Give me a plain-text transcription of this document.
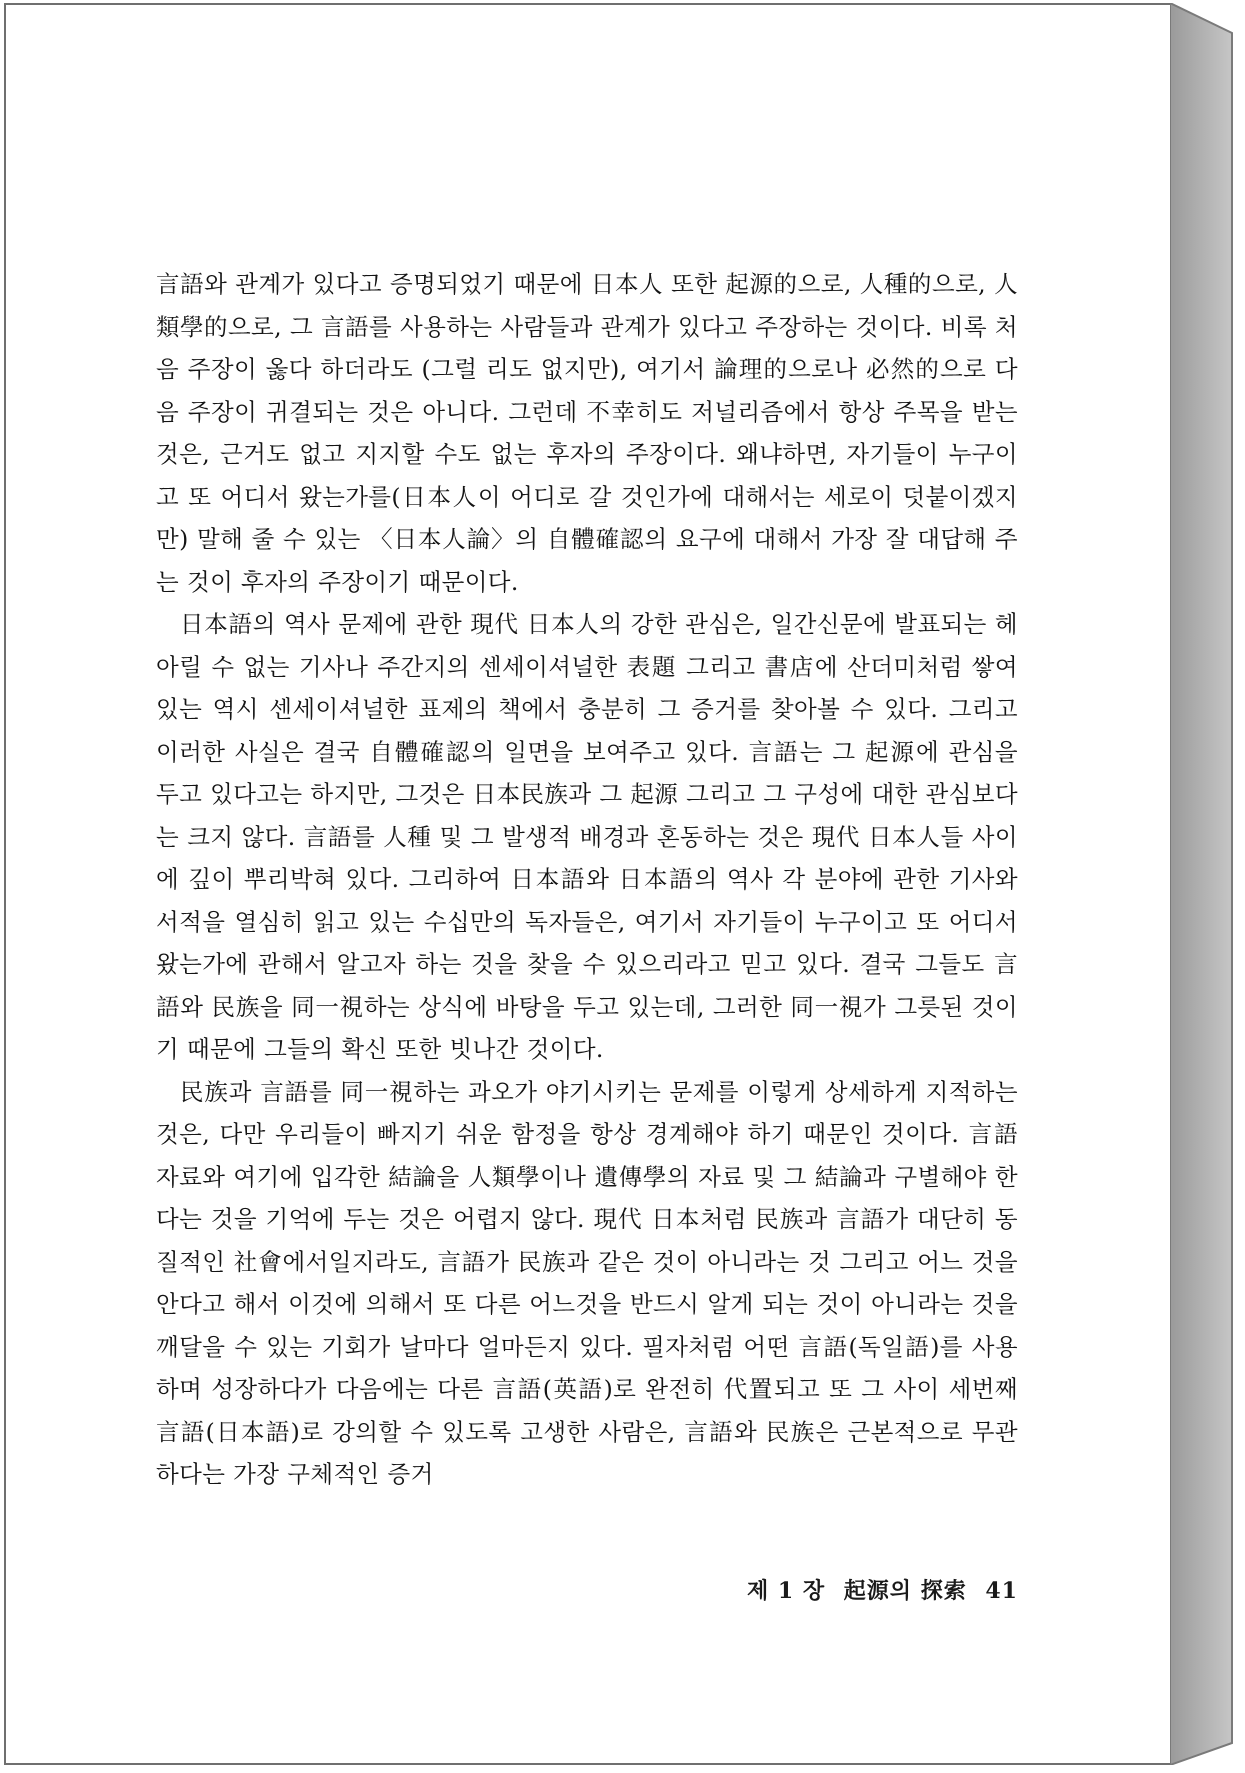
言語와 관계가 있다고 증명되었기 때문에 日本人 또한 起源的으로, 人種的으로, 人類學的으로, 그 言語를 사용하는 사람들과 관계가 있다고 주장하는 것이다. 비록 처음 주장이 옳다 하더라도 (그럴 리도 없지만), 여기서 論理的으로나 必然的으로 다음 주장이 귀결되는 것은 아니다. 그런데 不幸히도 저널리즘에서 항상 주목을 받는 것은, 근거도 없고 지지할 수도 없는 후자의 주장이다. 왜냐하면, 자기들이 누구이고 또 어디서 왔는가를(日本人이 어디로 갈 것인가에 대해서는 세로이 덧붙이겠지만) 말해 줄 수 있는 〈日本人論〉의 自體確認의 요구에 대해서 가장 잘 대답해 주는 것이 후자의 주장이기 때문이다.

日本語의 역사 문제에 관한 現代 日本人의 강한 관심은, 일간신문에 발표되는 헤아릴 수 없는 기사나 주간지의 센세이셔널한 表題 그리고 書店에 산더미처럼 쌓여 있는 역시 센세이셔널한 표제의 책에서 충분히 그 증거를 찾아볼 수 있다. 그리고 이러한 사실은 결국 自體確認의 일면을 보여주고 있다. 言語는 그 起源에 관심을 두고 있다고는 하지만, 그것은 日本民族과 그 起源 그리고 그 구성에 대한 관심보다는 크지 않다. 言語를 人種 및 그 발생적 배경과 혼동하는 것은 現代 日本人들 사이에 깊이 뿌리박혀 있다. 그리하여 日本語와 日本語의 역사 각 분야에 관한 기사와 서적을 열심히 읽고 있는 수십만의 독자들은, 여기서 자기들이 누구이고 또 어디서 왔는가에 관해서 알고자 하는 것을 찾을 수 있으리라고 믿고 있다. 결국 그들도 言語와 民族을 同一視하는 상식에 바탕을 두고 있는데, 그러한 同一視가 그릇된 것이기 때문에 그들의 확신 또한 빗나간 것이다.

民族과 言語를 同一視하는 과오가 야기시키는 문제를 이렇게 상세하게 지적하는 것은, 다만 우리들이 빠지기 쉬운 함정을 항상 경계해야 하기 때문인 것이다. 言語자료와 여기에 입각한 結論을 人類學이나 遺傳學의 자료 및 그 結論과 구별해야 한다는 것을 기억에 두는 것은 어렵지 않다. 現代 日本처럼 民族과 言語가 대단히 동질적인 社會에서일지라도, 言語가 民族과 같은 것이 아니라는 것 그리고 어느 것을 안다고 해서 이것에 의해서 또 다른 어느것을 반드시 알게 되는 것이 아니라는 것을 깨달을 수 있는 기회가 날마다 얼마든지 있다. 필자처럼 어떤 言語(독일語)를 사용하며 성장하다가 다음에는 다른 言語(英語)로 완전히 代置되고 또 그 사이 세번째 言語(日本語)로 강의할 수 있도록 고생한 사람은, 言語와 民族은 근본적으로 무관하다는 가장 구체적인 증거

제 1 장 起源의 探索 41
